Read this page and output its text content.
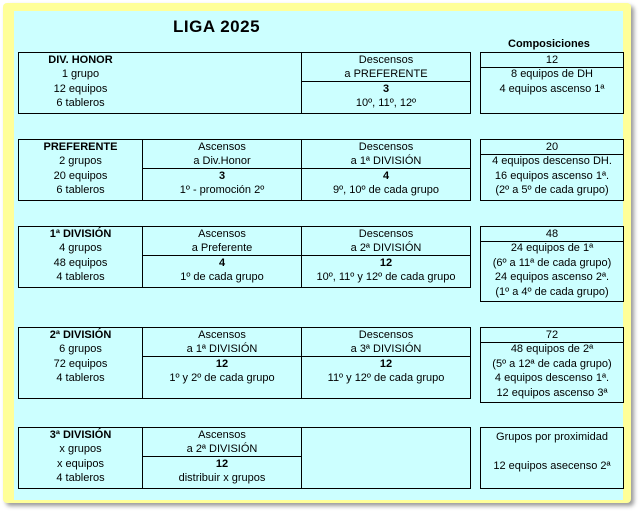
LIGA 2025
Composiciones
DIV. HONOR
1 grupo
12 equipos
6 tableros
Descensos
a PREFERENTE
3
10º, 11º, 12º
12
8 equipos de DH
4 equipos ascenso 1ª
PREFERENTE
2 grupos
20 equipos
6 tableros
Ascensos
a Div.Honor
3
1º - promoción 2º
Descensos
a 1ª DIVISIÓN
4
9º, 10º de cada grupo
20
4 equipos descenso DH.
16 equipos ascenso 1ª.
(2º a 5º de cada grupo)
1ª DIVISIÓN
4 grupos
48 equipos
4 tableros
Ascensos
a Preferente
4
1º de cada grupo
Descensos
a 2ª DIVISIÓN
12
10º, 11º y 12º de cada grupo
48
24 equipos de 1ª
(6º a 11ª de cada grupo)
24 equipos ascenso 2ª.
(1º a 4º de cada grupo)
2ª DIVISIÓN
6 grupos
72 equipos
4 tableros
Ascensos
a 1ª DIVISIÓN
12
1º y 2º de cada grupo
Descensos
a 3ª DIVISIÓN
12
11º y 12º de cada grupo
72
48 equipos de 2ª
(5º a 12ª de cada grupo)
4 equipos descenso 1ª.
12 equipos ascenso 3ª
3ª DIVISIÓN
x grupos
x equipos
4 tableros
Ascensos
a 2ª DIVISIÓN
12
distribuir x grupos
Grupos por proximidad
12 equipos asecenso 2ª
